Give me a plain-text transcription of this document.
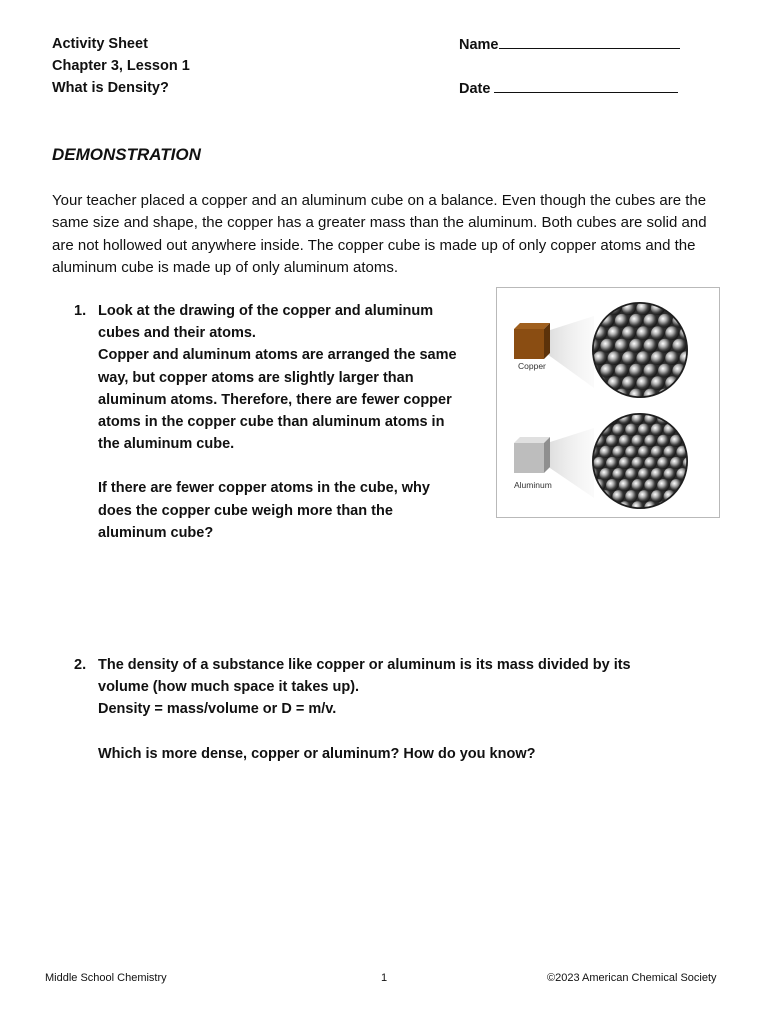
Activity Sheet
Chapter 3, Lesson 1
What is Density?
Name
Date
DEMONSTRATION
Your teacher placed a copper and an aluminum cube on a balance. Even though the cubes are the same size and shape, the copper has a greater mass than the aluminum. Both cubes are solid and are not hollowed out anywhere inside. The copper cube is made up of only copper atoms and the aluminum cube is made up of only aluminum atoms.
1. Look at the drawing of the copper and aluminum

cubes and their atoms.

Copper and aluminum atoms are arranged the same

way, but copper atoms are slightly larger than

aluminum atoms. Therefore, there are fewer copper

atoms in the copper cube than aluminum atoms in

the aluminum cube.

If there are fewer copper atoms in the cube, why

does the copper cube weigh more than the

aluminum cube?

Copper
Aluminum
2. The density of a substance like copper or aluminum is its mass divided by its

volume (how much space it takes up).

Density = mass/volume or D = m/v.

Which is more dense, copper or aluminum? How do you know?

Middle School Chemistry	1	©2023 American Chemical Society
